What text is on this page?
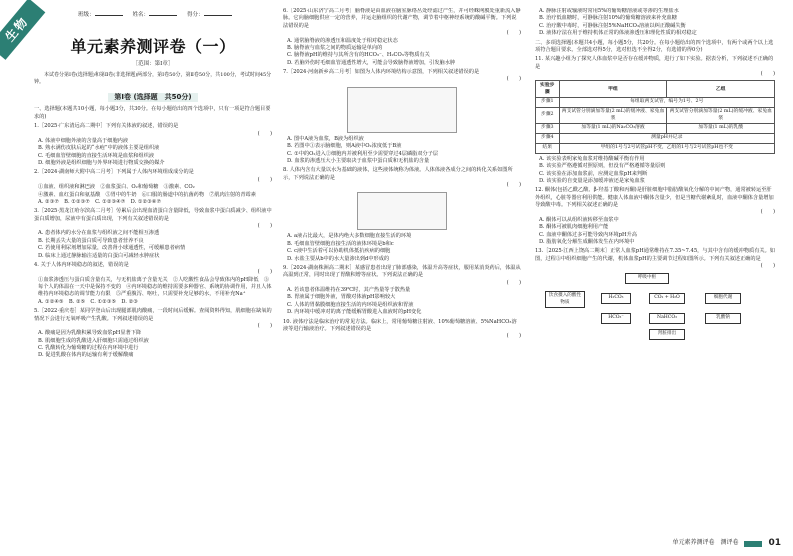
生物	班级：	姓名：	得分：
单元素养测评卷（一）
［范围：第Ⅰ章］
本试卷分第Ⅰ卷(选择题)和第Ⅱ卷(非选择题)两部分，第Ⅰ卷50分，第Ⅱ卷50分，共100分，考试时间45分钟。
第Ⅰ卷 (选择题　共50分)
一、选择题(本题共10小题，每小题3分，共30分。在每小题给出的四个选项中，只有一项是符合题目要求的)
1.［2025·广东清远高二期中］下列有关体液的叙述，错误的是
(　　)
A. 体液中细胞外液的含量高于细胞内液
B. 熟水满伤皮肤后起的“水疱”中的液体主要是组织液
C. 毛细血管壁细胞的直接生活环境是血浆和组织液
D. 细胞外液是组织细胞与外界环境进行物质交换的媒介
2.［2024·湖南师大附中高二月考］下列属于人体内环境组成成分的是
(　　)
①血液、组织液和淋巴液　②血浆蛋白、O₂和葡萄糖　③激素、CO₂
④激素、血红蛋白和氨基酸　⑤胃中的牛奶　⑥口服的肠道中的抗菌药物　⑦肌肉注射的青霉素
A. ②③⑦　B. ①②③⑦　C. ①②③④⑦　D. ①②③⑥⑦
3.［2025·黑龙江哈尔滨高二月考］劳累后会出现血清蛋白含量降低，导致血浆中蛋白质减少、组织液中蛋白质增加，尿液中有蛋白质出现，下列有关叙述错误的是
(　　)
A. 患者体内的水分在血浆与组织液之间不能相互渗透
B. 长期丢失大量的蛋白质可导致患者营养不良
C. 若使用利尿剂增加尿量，改善肾小球通透性，可缓解患者病情
D. 临床上通过静脉输注适量的白蛋白可减轻水肿症状
4. 关于人体内环境稳态的叙述，错误的是
(　　)
①血浆渗透压与蛋白质含量有关，与无机盐离子含量无关　②人吃酸性食品会导致体内的pH降低　③每个人的体温在一天中是保持不变的　④内环境稳态的维持需要多种器官、系统的协调作用，并且人体维持内环境稳态的调节能力有限　⑤严重腹泻、呕吐，只需要补充足够的水，不用补充Na⁺
A. ①②④⑤　B. ②⑤　C. ①②③⑤　D. ②③
5.［2022·重庆卷］某同学登山后出现腿部肌肉酸痛，一段时间后缓解。查阅资料得知，肌细胞在缺氧的情况下会进行无氧呼吸产生乳酸。下列叙述错误的是
(　　)
A. 酸痛是因为乳酸积累导致血浆pH显著下降
B. 肌细胞生成的乳酸进入肝细胞只需通过组织液
C. 乳酸转化为葡萄糖的过程在内环境中进行
D. 促进乳酸在体内的运输有利于缓解酸痛
6.［2025·山东济宁高二月考］脑脊液是由血液在脑室脉络丛处经滤过产生，并可经蛛网膜处重新流入静脉。它向脑细胞供应一定的营养，并运走脑组织的代谢产物，调节着中枢神经系统的酸碱平衡。下列说法错误的是
(　　)
A. 通常脑脊液的渗透压和温度处于相对稳定状态
B. 脑脊液与血浆之间的物质运输是单向的
C. 脑脊液pH的维持与其所含有的HCO₃⁻、H₂CO₃等物质有关
D. 若脑外伤时毛细血管通透性增大，可能会导致脑脊液增加，引发脑水肿
7.［2024·河南新乡高二月考］如图为人体内环境结构示意图，下列相关叙述错误的是
(　　)
A. 图中A液为血浆，B液为组织液
B. 若图中①表示脑细胞，则A液中O₂浓度低于B液
C. ①中的O₂进入②细胞内并被利用至少需要穿过4层磷脂双分子层
D. 血浆的渗透压大小主要取决于血浆中蛋白质和无机盐的含量
8. 人体内含有大量以水为基础的液体，这些液体统称为体液。人体体液各成分之间的转化关系如图所示，下列说法正确的是
(　　)
A. a液占比最大，是体内绝大多数细胞直接生活的环境
B. 毛细血管壁细胞直接生活的液体环境是b和c
C. c液中生活着可以协助机体抵抗疾病的细胞
D. 水盐主要从b中的水大量渗出到d中形成的
9.［2024·湖南株洲高二期末］某感冒患者出现了肺部感染，体温升高等症状，服用某消炎药后，体温从高温到正常，同时出现了胃酸积增等症状。下列说法正确的是
(　　)
A. 若该患者体温维持在39℃时，其产热量等于散热量
B. 胃液属于细胞外液，胃酸对体液pH影响较大
C. 人体的胃黏膜细胞直接生活的内环境是组织液和胃液
D. 内环境中缓冲对的离子能缓解胃酸进入血液时的pH变化
10. 液体疗法是临床治疗的常见方法。临床上，常用葡萄糖注射液、10%葡萄糖溶液、5%NaHCO₃溶液等进行输液治疗。下列叙述错误的是
(　　)
A. 静脉注射或输液时常用5%的葡萄糖溶液或等渗的生理盐水
B. 治疗低血糖时，可静脉注射10%的葡萄糖溶液来补充血糖
C. 治疗酸中毒时，可静脉注射5%NaHCO₃溶液以纠正酸碱失衡
D. 液体疗法在用于维持机体正常的体液渗透压和理化性质的相对稳定
二、多项选择题(本题共4小题，每小题5分，共20分。在每小题给出的四个选项中，有两个或两个以上选项符合题目要求。全部选对得5分，选对但选不全得2分，有选错的得0分)
11. 某兴趣小组为了探究人体血浆中是否存在缓冲物质，进行了如下实验。据表分析，下列叙述不正确的是
(　　)
实验步骤	甲组	乙组
步骤1	每组取两支试管，编号为1号、2号	
步骤2	两支试管分别滴加等量(2 mL)的缓冲液、家兔血浆	两支试管分别滴加等量(2 mL)的缓冲液、家兔血浆
步骤3	加等量(1 mL)的Na₂CO₃溶液	加等量(1 mL)的乳酸
步骤4	测量pH并记录	
结果	甲组的1号与2号试管pH不变，乙组的1号与2号试管pH也不变	
A. 该实验表明家兔血浆对维持酸碱平衡有作用
B. 该实验严格遵循对照原则，但没有严格遵循等量原则
C. 该实验在添加血浆前，应测定血浆pH来判断
D. 该实验的自变量是添加缓冲液还是家兔血浆
12. 酮体(包括乙酰乙酸、β-羟基丁酸和丙酮)是肝脏细胞中脂肪酸氧化分解的中间产物，通常被转运至肝外组织，心脏等器官利用供能。健康人体血液中酮体含量少，但是当糖代谢紊乱时，血液中酮体含量增加导致酸中毒。下列相关叙述正确的是
(　　)
A. 酮体可以从组织液转移至血浆中
B. 酮体可被肌肉细胞利用产能
C. 血液中酮体过多可能导致内环境pH升高
D. 脂肪氧化分解生成酮体发生在内环境中
13.［2025·江西上饶高二期末］正常人血浆pH通常维持在7.35~7.45，与其中含有的缓冲物质有关。如图，过程③中组织细胞产生的代谢，机体血浆pH的主要调节过程如图所示。下列有关叙述正确的是
(　　)
呼吸中枢
饮食摄入的酸性物质
H₂CO₃	CO₂ + H₂O	细胞代谢
HCO₃⁻	NaHCO₃	乳酸钠
肾脏排出
单元素养测评卷 测评卷	01
